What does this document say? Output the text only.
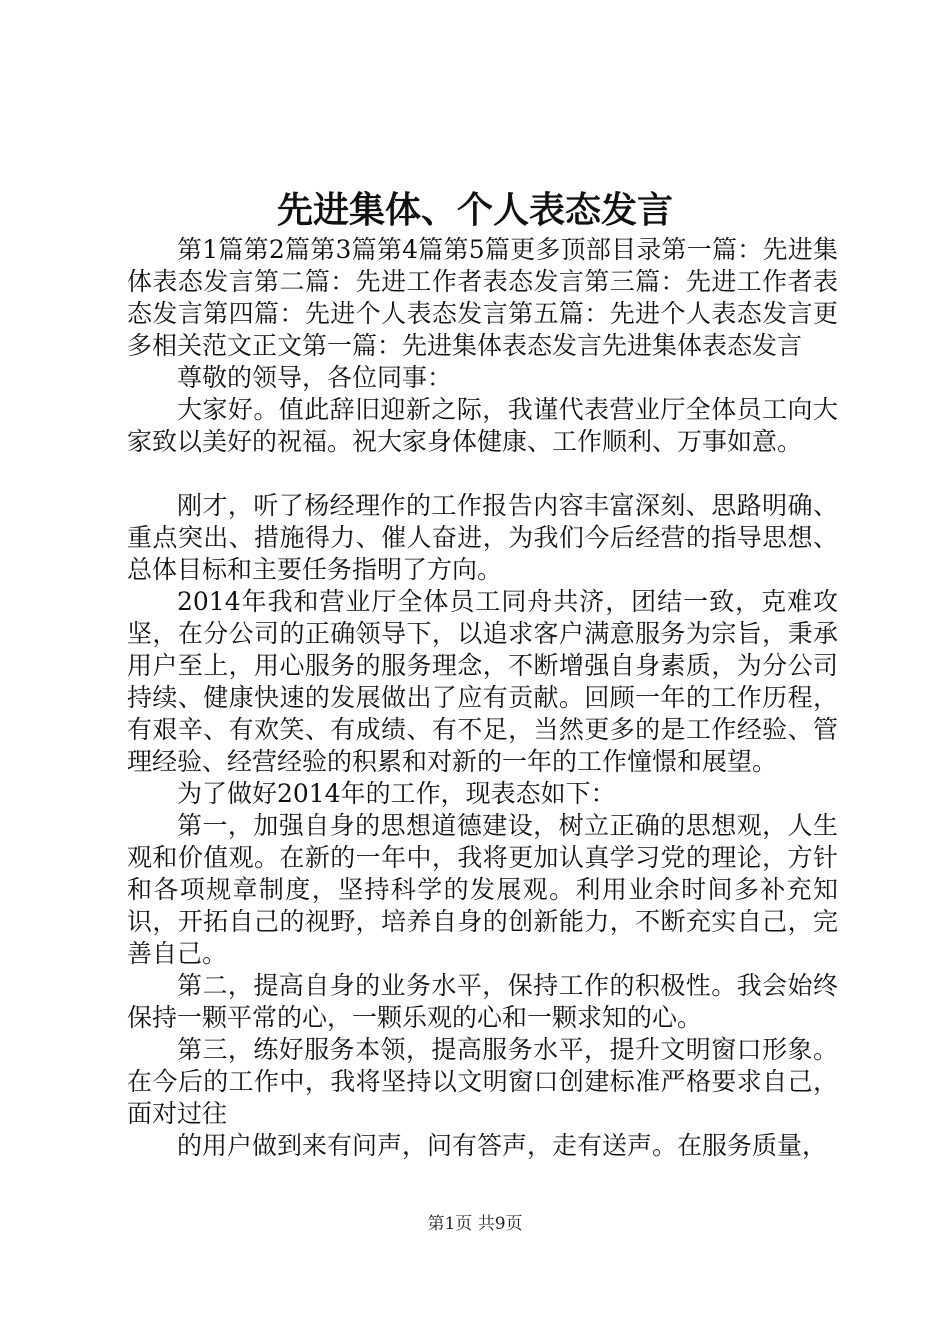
先进集体、个人表态发言

第1篇第2篇第3篇第4篇第5篇更多顶部目录第一篇：先进集体表态发言第二篇：先进工作者表态发言第三篇：先进工作者表态发言第四篇：先进个人表态发言第五篇：先进个人表态发言更多相关范文正文第一篇：先进集体表态发言先进集体表态发言

尊敬的领导，各位同事：

大家好。值此辞旧迎新之际，我谨代表营业厅全体员工向大家致以美好的祝福。祝大家身体健康、工作顺利、万事如意。

刚才，听了杨经理作的工作报告内容丰富深刻、思路明确、重点突出、措施得力、催人奋进，为我们今后经营的指导思想、总体目标和主要任务指明了方向。

2014年我和营业厅全体员工同舟共济，团结一致，克难攻坚，在分公司的正确领导下，以追求客户满意服务为宗旨，秉承用户至上，用心服务的服务理念，不断增强自身素质，为分公司持续、健康快速的发展做出了应有贡献。回顾一年的工作历程，有艰辛、有欢笑、有成绩、有不足，当然更多的是工作经验、管理经验、经营经验的积累和对新的一年的工作憧憬和展望。

为了做好2014年的工作，现表态如下：

第一，加强自身的思想道德建设，树立正确的思想观，人生观和价值观。在新的一年中，我将更加认真学习党的理论，方针和各项规章制度，坚持科学的发展观。利用业余时间多补充知识，开拓自己的视野，培养自身的创新能力，不断充实自己，完善自己。

第二，提高自身的业务水平，保持工作的积极性。我会始终保持一颗平常的心，一颗乐观的心和一颗求知的心。

第三，练好服务本领，提高服务水平，提升文明窗口形象。在今后的工作中，我将坚持以文明窗口创建标准严格要求自己，面对过往

的用户做到来有问声，问有答声，走有送声。在服务质量，

第1页 共9页
